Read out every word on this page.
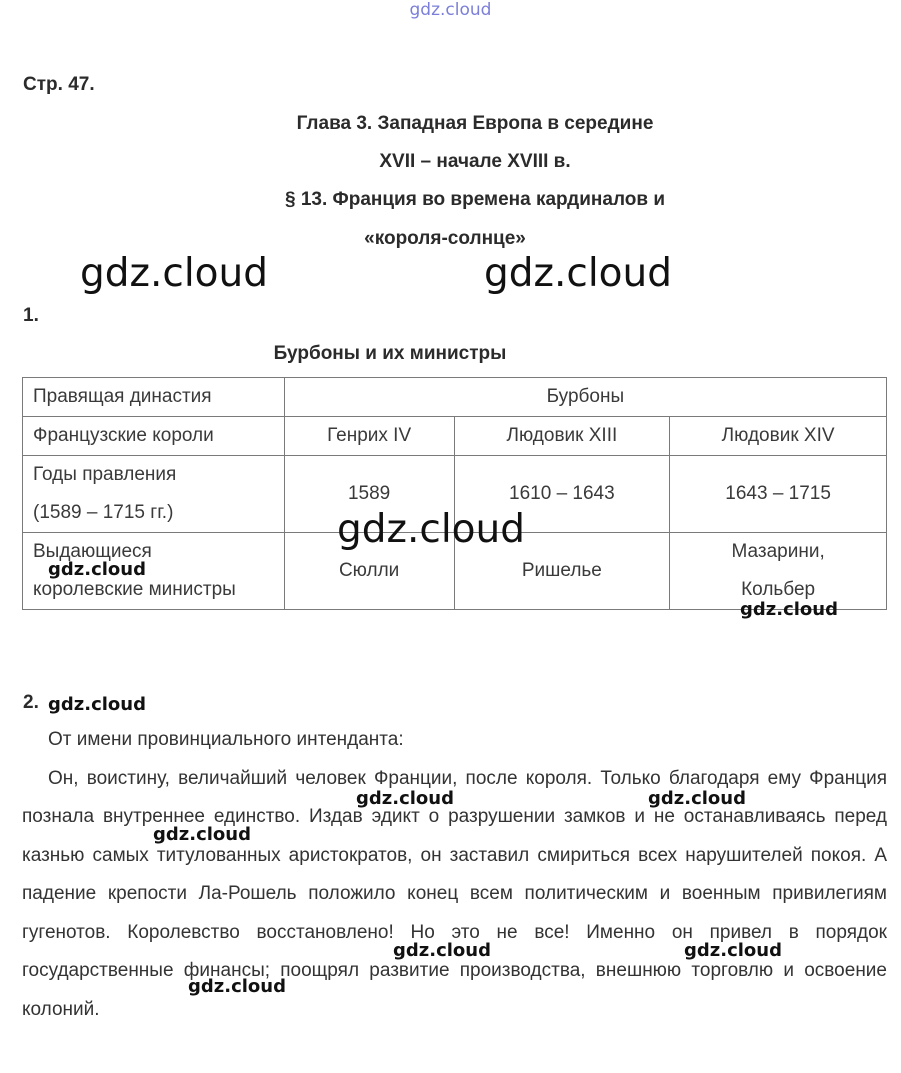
gdz.cloud
Стр. 47.
Глава 3. Западная Европа в середине
XVII – начале XVIII в.
§ 13. Франция во времена кардиналов и
«короля-солнце»
gdz.cloud	gdz.cloud
1.
Бурбоны и их министры
Правящая династия	Бурбоны		
Французские короли	Генрих IV	Людовик XIII	Людовик XIV

Годы правления
(1589 – 1715 гг.)	1589	1610 – 1643	1643 – 1715

Выдающиеся
королевские министры	Сюлли	Ришелье	Мазарини,
Кольбер
gdz.cloud
gdz.cloud
gdz.cloud
2. gdz.cloud

От имени провинциального интенданта:

Он, воистину, величайший человек Франции, после короля. Только благодаря ему Франция познала внутреннее единство. Издав эдикт о разрушении замков и не останавливаясь перед казнью самых титулованных аристократов, он заставил смириться всех нарушителей покоя. А падение крепости Ла-Рошель положило конец всем политическим и военным привилегиям гугенотов. Королевство восстановлено! Но это не все! Именно он привел в порядок государственные финансы; поощрял развитие производства, внешнюю торговлю и освоение колоний.

gdz.cloud	gdz.cloud
gdz.cloud
gdz.cloud	gdz.cloud
gdz.cloud
